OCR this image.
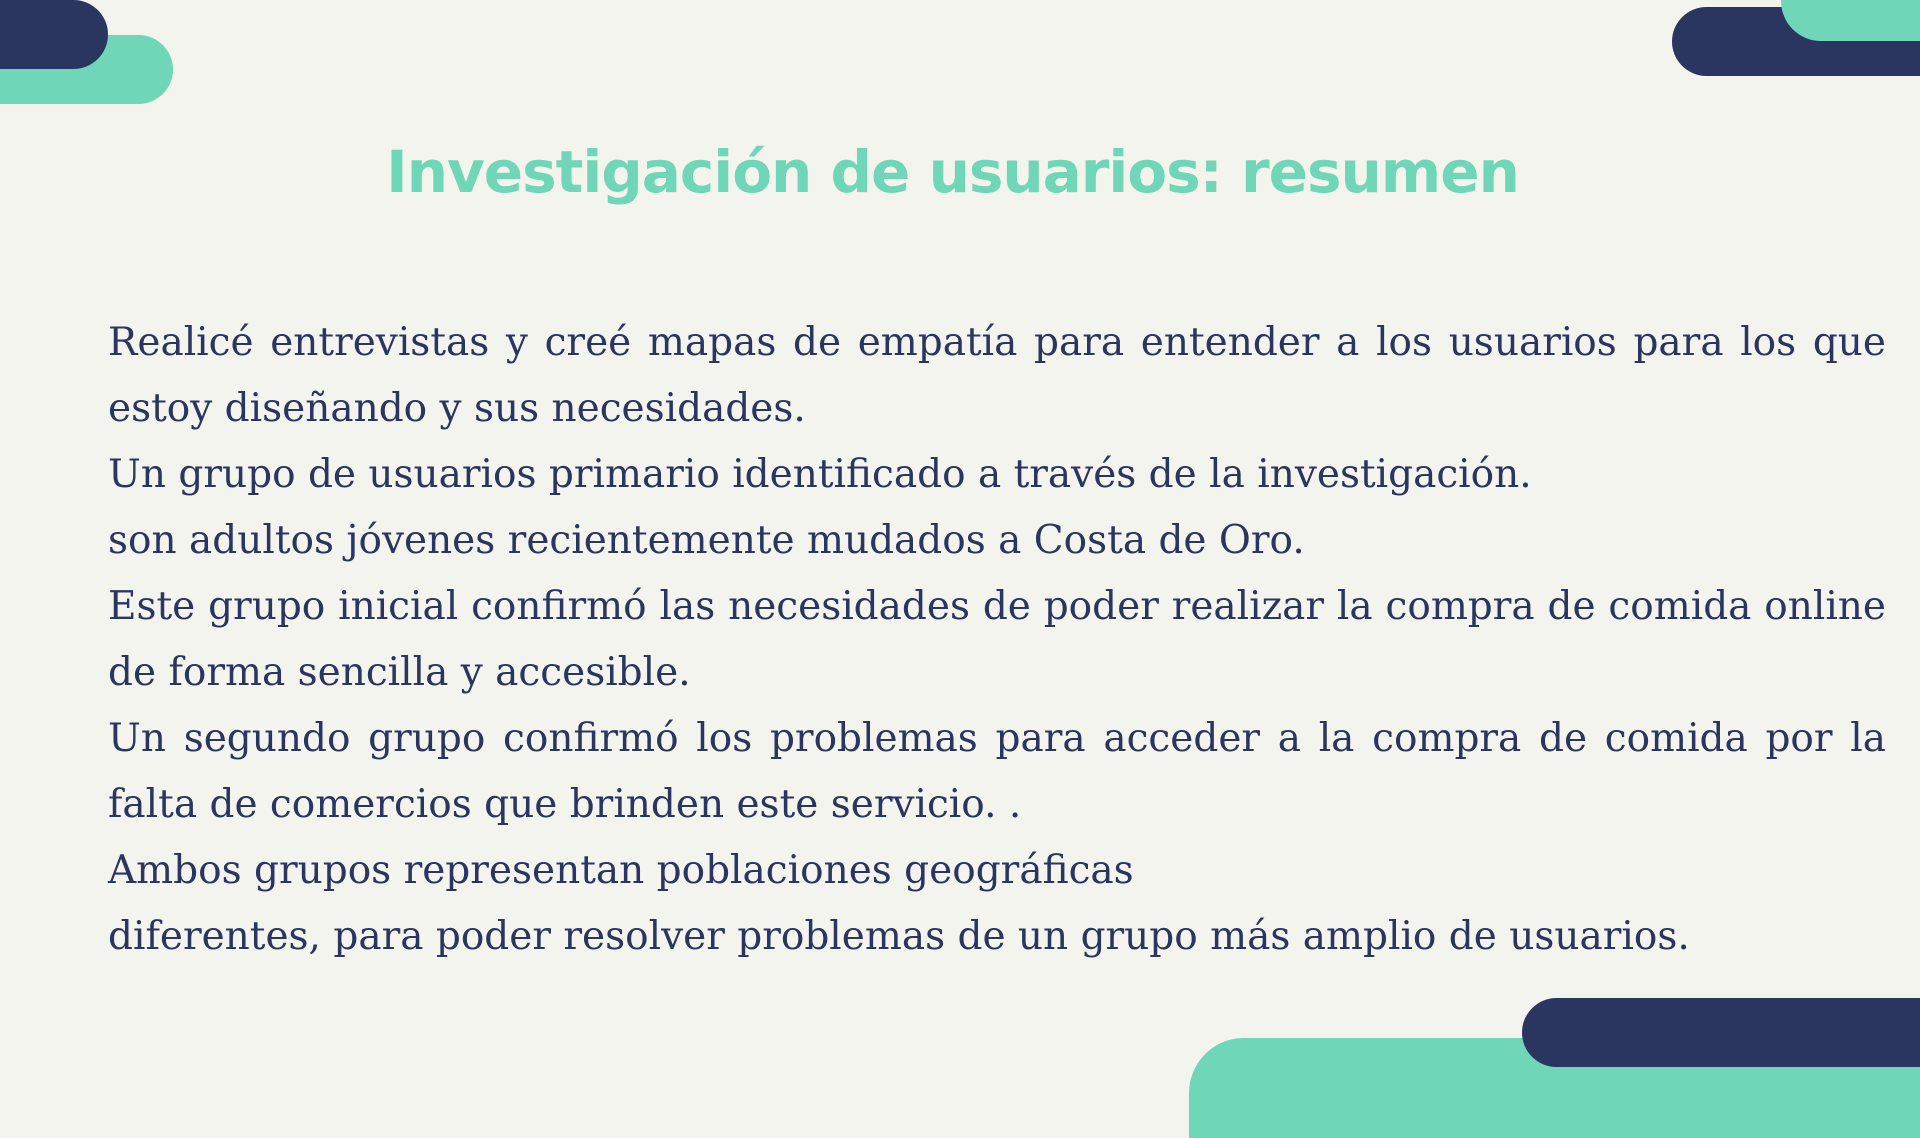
Investigación de usuarios: resumen

Realicé entrevistas y creé mapas de empatía para entender a los usuarios para los que estoy diseñando y sus necesidades.

Un grupo de usuarios primario identificado a través de la investigación.

son adultos jóvenes recientemente mudados a Costa de Oro.

Este grupo inicial confirmó las necesidades de poder realizar la compra de comida online de forma sencilla y accesible.

Un segundo grupo confirmó los problemas para acceder a la compra de comida por la falta de comercios que brinden este servicio. .

Ambos grupos representan poblaciones geográficas

diferentes, para poder resolver problemas de un grupo más amplio de usuarios.
